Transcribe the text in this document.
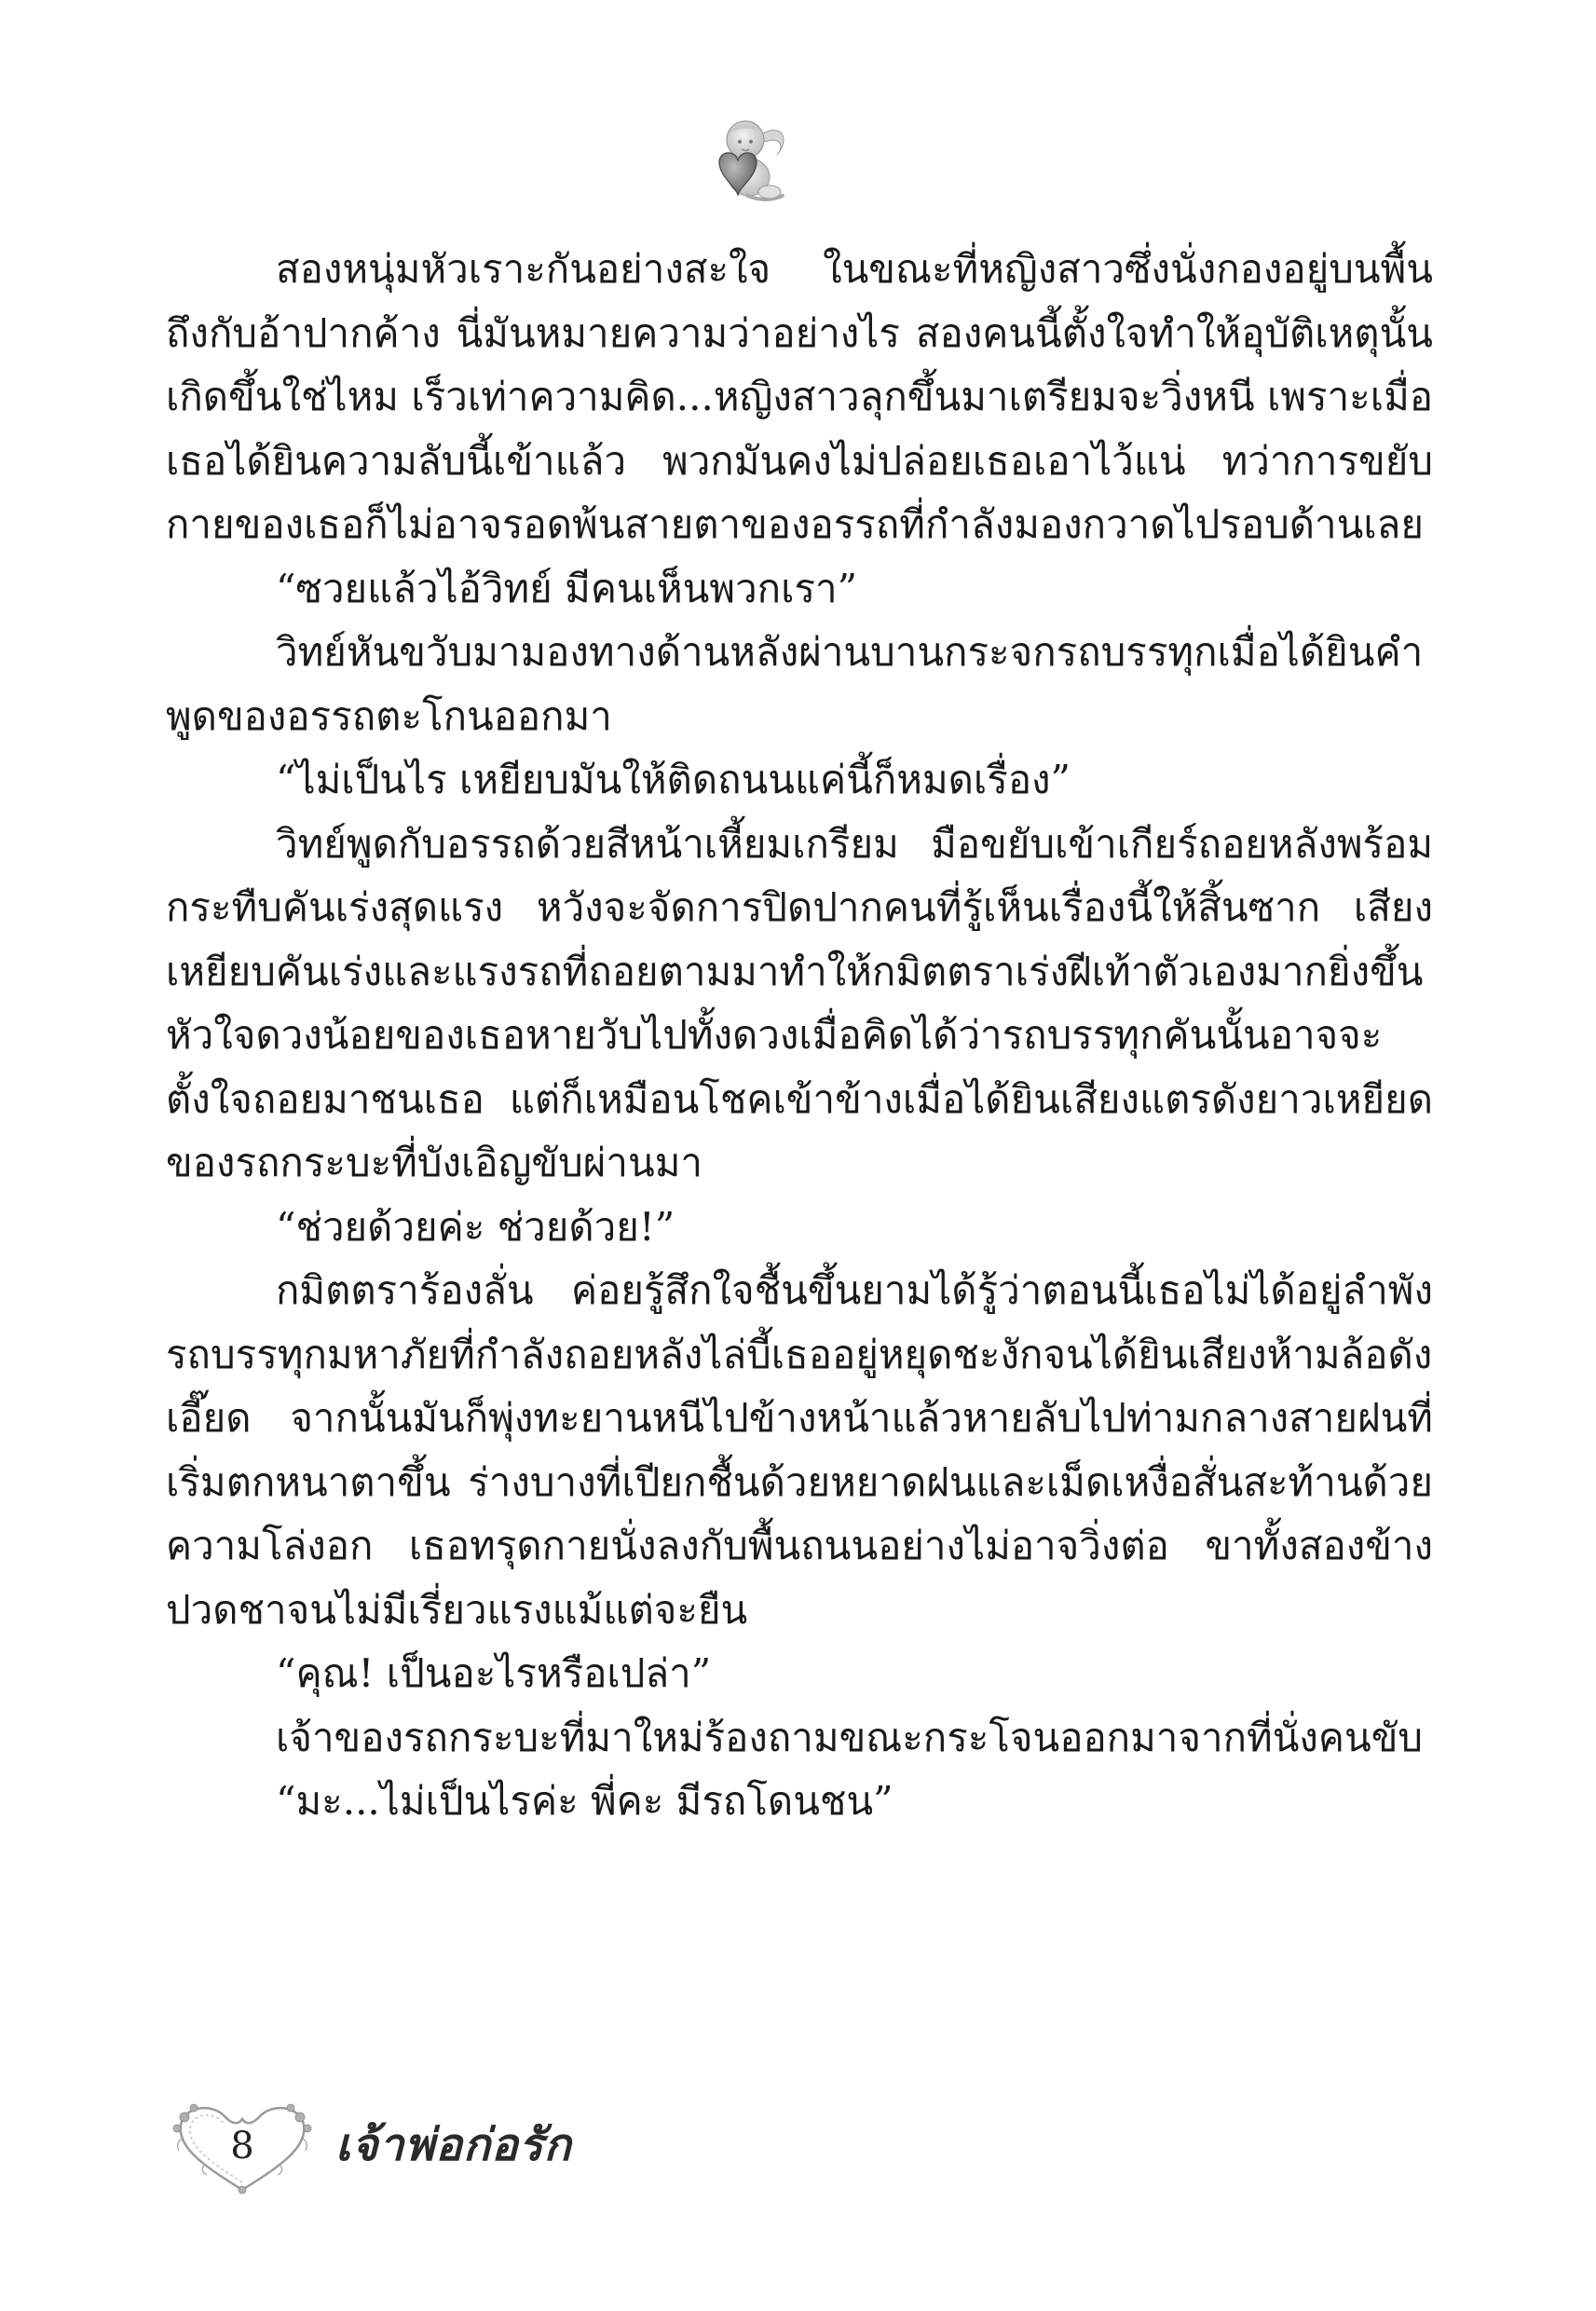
สองหนุ่มหัวเราะกันอย่างสะใจ ในขณะที่หญิงสาวซึ่งนั่งกองอยู่บนพื้นถึงกับอ้าปากค้าง นี่มันหมายความว่าอย่างไร สองคนนี้ตั้งใจทำให้อุบัติเหตุนั้นเกิดขึ้นใช่ไหม เร็วเท่าความคิด...หญิงสาวลุกขึ้นมาเตรียมจะวิ่งหนี เพราะเมื่อเธอได้ยินความลับนี้เข้าแล้ว พวกมันคงไม่ปล่อยเธอเอาไว้แน่ ทว่าการขยับกายของเธอก็ไม่อาจรอดพ้นสายตาของอรรถที่กำลังมองกวาดไปรอบด้านเลย

“ซวยแล้วไอ้วิทย์ มีคนเห็นพวกเรา”

วิทย์หันขวับมามองทางด้านหลังผ่านบานกระจกรถบรรทุกเมื่อได้ยินคำพูดของอรรถตะโกนออกมา

“ไม่เป็นไร เหยียบมันให้ติดถนนแค่นี้ก็หมดเรื่อง”

วิทย์พูดกับอรรถด้วยสีหน้าเหี้ยมเกรียม มือขยับเข้าเกียร์ถอยหลังพร้อมกระทืบคันเร่งสุดแรง หวังจะจัดการปิดปากคนที่รู้เห็นเรื่องนี้ให้สิ้นซาก เสียงเหยียบคันเร่งและแรงรถที่ถอยตามมาทำให้กมิตตราเร่งฝีเท้าตัวเองมากยิ่งขึ้น หัวใจดวงน้อยของเธอหายวับไปทั้งดวงเมื่อคิดได้ว่ารถบรรทุกคันนั้นอาจจะตั้งใจถอยมาชนเธอ แต่ก็เหมือนโชคเข้าข้างเมื่อได้ยินเสียงแตรดังยาวเหยียดของรถกระบะที่บังเอิญขับผ่านมา

“ช่วยด้วยค่ะ ช่วยด้วย!”

กมิตตราร้องลั่น ค่อยรู้สึกใจชื้นขึ้นยามได้รู้ว่าตอนนี้เธอไม่ได้อยู่ลำพัง รถบรรทุกมหาภัยที่กำลังถอยหลังไล่บี้เธออยู่หยุดชะงักจนได้ยินเสียงห้ามล้อดังเอี๊ยด จากนั้นมันก็พุ่งทะยานหนีไปข้างหน้าแล้วหายลับไปท่ามกลางสายฝนที่เริ่มตกหนาตาขึ้น ร่างบางที่เปียกชื้นด้วยหยาดฝนและเม็ดเหงื่อสั่นสะท้านด้วยความโล่งอก เธอทรุดกายนั่งลงกับพื้นถนนอย่างไม่อาจวิ่งต่อ ขาทั้งสองข้างปวดชาจนไม่มีเรี่ยวแรงแม้แต่จะยืน

“คุณ! เป็นอะไรหรือเปล่า”

เจ้าของรถกระบะที่มาใหม่ร้องถามขณะกระโจนออกมาจากที่นั่งคนขับ

“มะ...ไม่เป็นไรค่ะ พี่คะ มีรถโดนชน”

8 เจ้าพ่อก่อรัก
